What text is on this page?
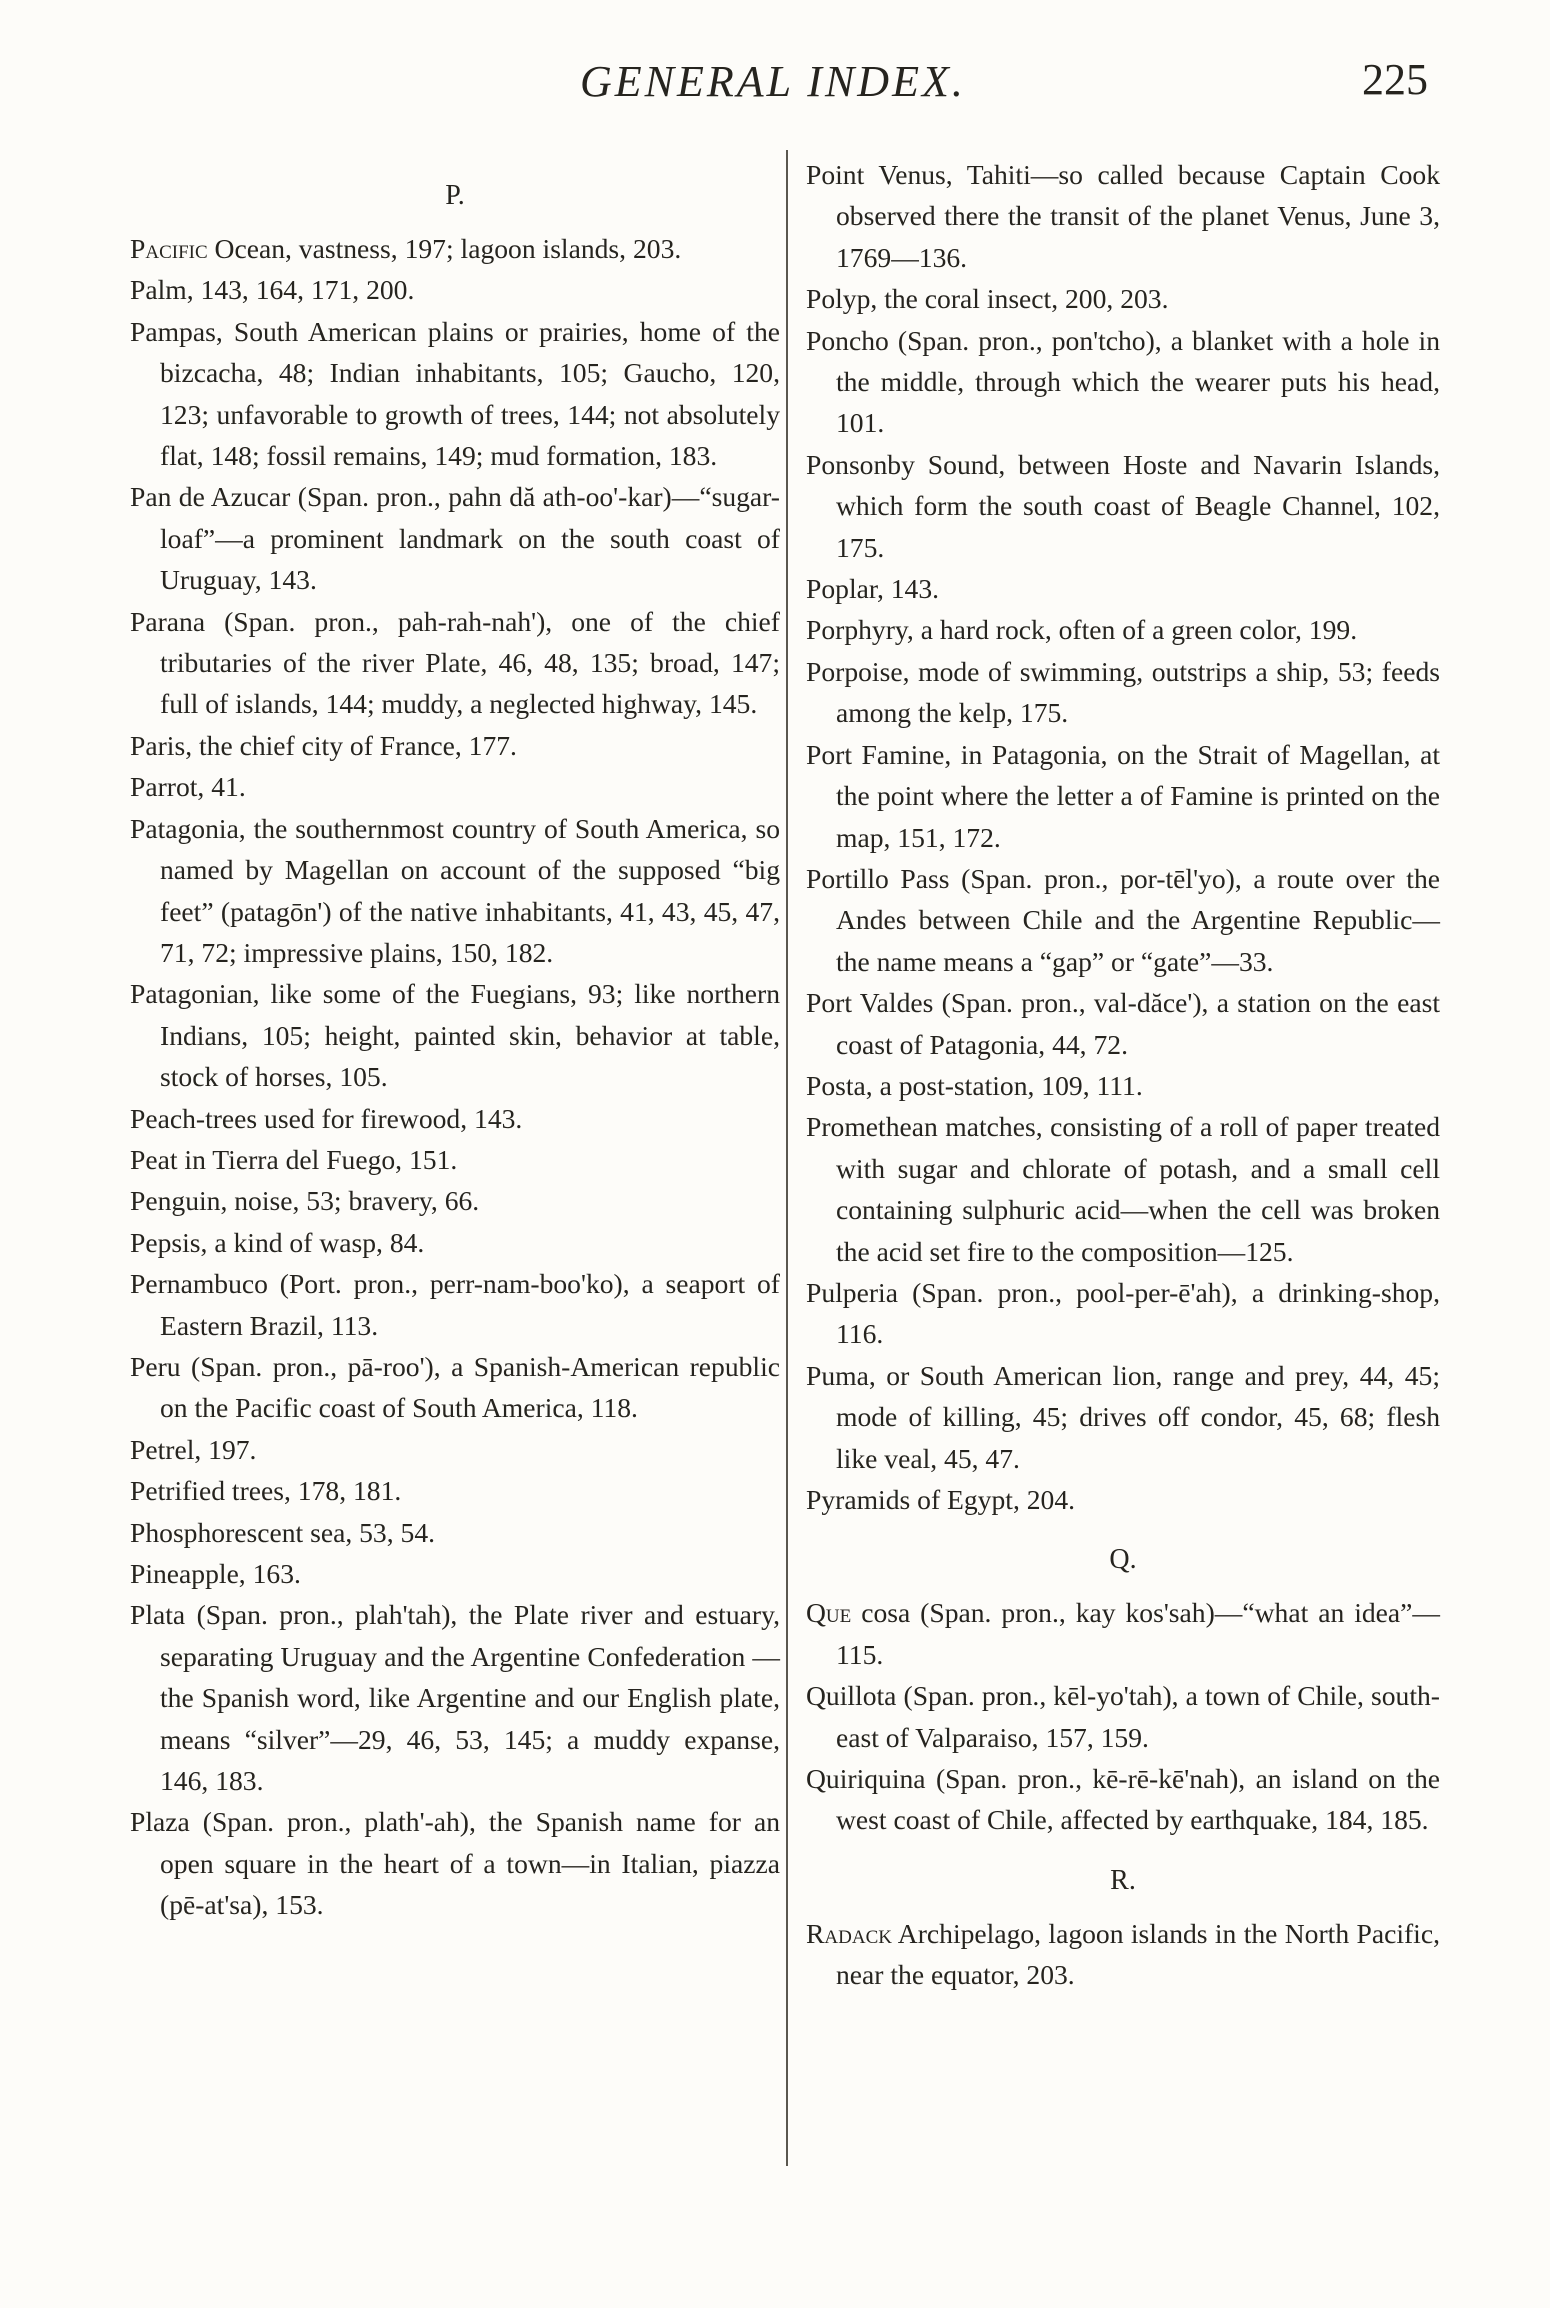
GENERAL INDEX.	225
P.

Pacific Ocean, vastness, 197; lagoon islands, 203.

Palm, 143, 164, 171, 200.

Pampas, South American plains or prairies, home of the bizcacha, 48; Indian inhabitants, 105; Gaucho, 120, 123; unfavorable to growth of trees, 144; not absolutely flat, 148; fossil remains, 149; mud formation, 183.

Pan de Azucar (Span. pron., pahn dă ath-oo'-kar)—“sugar-loaf”—a prominent landmark on the south coast of Uruguay, 143.

Parana (Span. pron., pah-rah-nah'), one of the chief tributaries of the river Plate, 46, 48, 135; broad, 147; full of islands, 144; muddy, a neglected highway, 145.

Paris, the chief city of France, 177.

Parrot, 41.

Patagonia, the southernmost country of South America, so named by Magellan on account of the supposed “big feet” (patagōn') of the native inhabitants, 41, 43, 45, 47, 71, 72; impressive plains, 150, 182.

Patagonian, like some of the Fuegians, 93; like northern Indians, 105; height, painted skin, behavior at table, stock of horses, 105.

Peach-trees used for firewood, 143.

Peat in Tierra del Fuego, 151.

Penguin, noise, 53; bravery, 66.

Pepsis, a kind of wasp, 84.

Pernambuco (Port. pron., perr-nam-boo'ko), a seaport of Eastern Brazil, 113.

Peru (Span. pron., pā-roo'), a Spanish-American republic on the Pacific coast of South America, 118.

Petrel, 197.

Petrified trees, 178, 181.

Phosphorescent sea, 53, 54.

Pineapple, 163.

Plata (Span. pron., plah'tah), the Plate river and estuary, separating Uruguay and the Argentine Confederation — the Spanish word, like Argentine and our English plate, means “silver”—29, 46, 53, 145; a muddy expanse, 146, 183.

Plaza (Span. pron., plath'-ah), the Spanish name for an open square in the heart of a town—in Italian, piazza (pē-at'sa), 153.

Point Venus, Tahiti—so called because Captain Cook observed there the transit of the planet Venus, June 3, 1769—136.

Polyp, the coral insect, 200, 203.

Poncho (Span. pron., pon'tcho), a blanket with a hole in the middle, through which the wearer puts his head, 101.

Ponsonby Sound, between Hoste and Navarin Islands, which form the south coast of Beagle Channel, 102, 175.

Poplar, 143.

Porphyry, a hard rock, often of a green color, 199.

Porpoise, mode of swimming, outstrips a ship, 53; feeds among the kelp, 175.

Port Famine, in Patagonia, on the Strait of Magellan, at the point where the letter a of Famine is printed on the map, 151, 172.

Portillo Pass (Span. pron., por-tēl'yo), a route over the Andes between Chile and the Argentine Republic—the name means a “gap” or “gate”—33.

Port Valdes (Span. pron., val-dăce'), a station on the east coast of Patagonia, 44, 72.

Posta, a post-station, 109, 111.

Promethean matches, consisting of a roll of paper treated with sugar and chlorate of potash, and a small cell containing sulphuric acid—when the cell was broken the acid set fire to the composition—125.

Pulperia (Span. pron., pool-per-ē'ah), a drinking-shop, 116.

Puma, or South American lion, range and prey, 44, 45; mode of killing, 45; drives off condor, 45, 68; flesh like veal, 45, 47.

Pyramids of Egypt, 204.

Q.

Que cosa (Span. pron., kay kos'sah)—“what an idea”—115.

Quillota (Span. pron., kēl-yo'tah), a town of Chile, south-east of Valparaiso, 157, 159.

Quiriquina (Span. pron., kē-rē-kē'nah), an island on the west coast of Chile, affected by earthquake, 184, 185.

R.

Radack Archipelago, lagoon islands in the North Pacific, near the equator, 203.
